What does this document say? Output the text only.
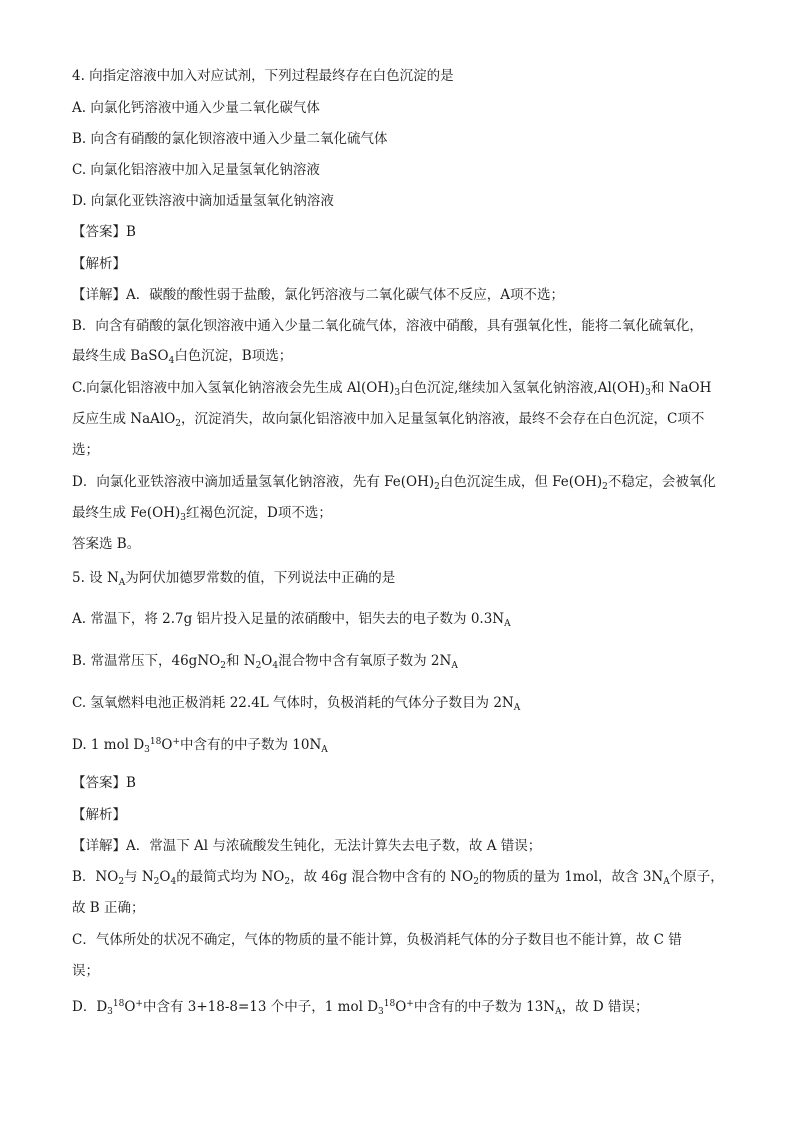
4. 向指定溶液中加入对应试剂，下列过程最终存在白色沉淀的是
A. 向氯化钙溶液中通入少量二氧化碳气体
B. 向含有硝酸的氯化钡溶液中通入少量二氧化硫气体
C. 向氯化铝溶液中加入足量氢氧化钠溶液
D. 向氯化亚铁溶液中滴加适量氢氧化钠溶液
【答案】B
【解析】
【详解】A．碳酸的酸性弱于盐酸，氯化钙溶液与二氧化碳气体不反应，A项不选；
B．向含有硝酸的氯化钡溶液中通入少量二氧化硫气体，溶液中硝酸，具有强氧化性，能将二氧化硫氧化，
最终生成 BaSO$_4$白色沉淀，B项选；
C.向氯化铝溶液中加入氢氧化钠溶液会先生成 $Al(OH)_3$白色沉淀,继续加入氢氧化钠溶液$,Al(OH)_3$和 NaOH
反应生成 NaAlO$_2$，沉淀消失，故向氯化铝溶液中加入足量氢氧化钠溶液，最终不会存在白色沉淀，C项不
选；
D．向氯化亚铁溶液中滴加适量氢氧化钠溶液，先有 $Fe(OH)_2$白色沉淀生成，但 $Fe(OH)_2$不稳定，会被氧化
最终生成 $Fe(OH)_3$红褐色沉淀，D项不选；
答案选 B。
5. 设 $N_A$为阿伏加德罗常数的值，下列说法中正确的是
A. 常温下，将 2.7g 铝片投入足量的浓硝酸中，铝失去的电子数为 $0.3N_A$
B. 常温常压下，46gNO$_2$和 $N_2O_4$混合物中含有氧原子数为 $2N_A$
C. 氢氧燃料电池正极消耗 22.4L 气体时，负极消耗的气体分子数目为 $2N_A$
D. 1 mol $D_3^{18}O^+$中含有的中子数为 $10N_A$
【答案】B
【解析】
【详解】A．常温下 Al 与浓硫酸发生钝化，无法计算失去电子数，故 A 错误；
B．$NO_2$与 $N_2O_4$的最简式均为 $NO_2$，故 46g 混合物中含有的 $NO_2$的物质的量为 1mol，故含 $3N_A$个原子，
故 B 正确；
C．气体所处的状况不确定，气体的物质的量不能计算，负极消耗气体的分子数目也不能计算，故 C 错
误；
D．$D_3^{18}O^+$中含有 3+18-8=13 个中子，1 mol $D_3^{18}O^+$中含有的中子数为 $13N_A$，故 D 错误；
